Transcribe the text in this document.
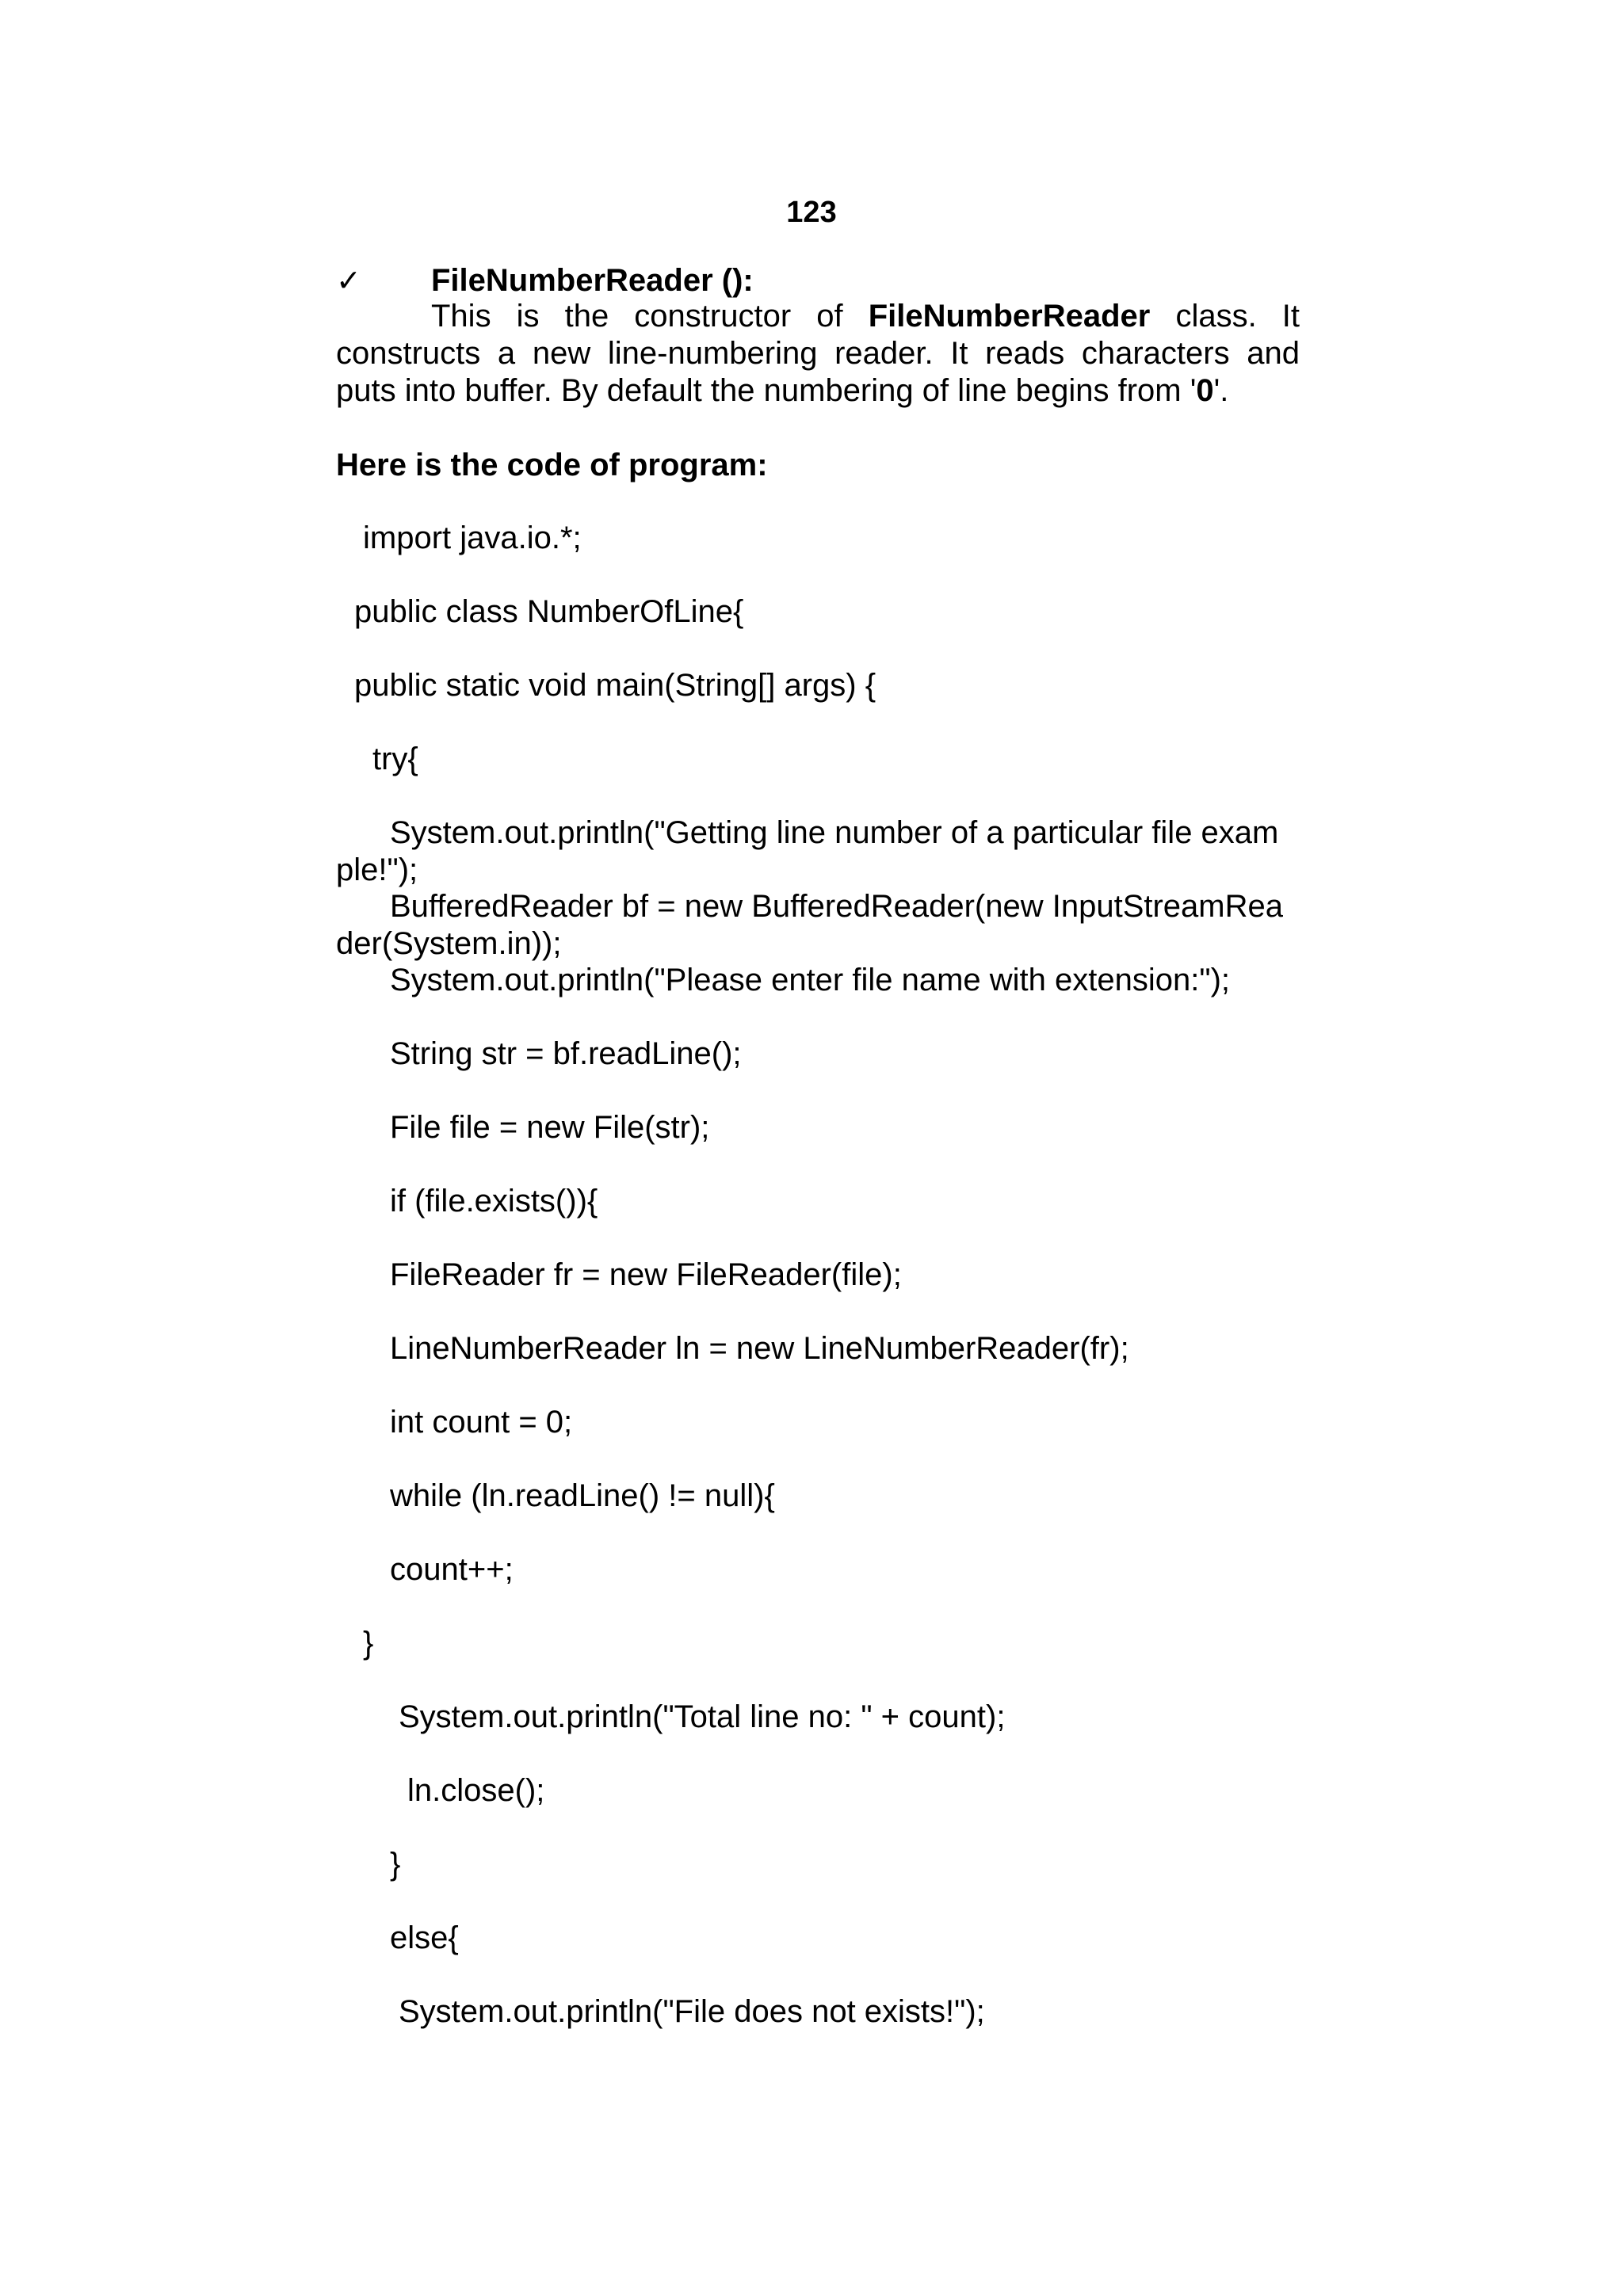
123
✓ FileNumberReader ():
This is the constructor of FileNumberReader class. It constructs a new line-numbering reader. It reads characters and puts into buffer. By default the numbering of line begins from '0'.
Here is the code of program:
import java.io.*;
public class NumberOfLine{
public static void main(String[] args) {
try{
System.out.println("Getting line number of a particular file exam
ple!");
BufferedReader bf = new BufferedReader(new InputStreamRea
der(System.in));
System.out.println("Please enter file name with extension:");
String str = bf.readLine();
File file = new File(str);
if (file.exists()){
FileReader fr = new FileReader(file);
LineNumberReader ln = new LineNumberReader(fr);
int count = 0;
while (ln.readLine() != null){
count++;
}
System.out.println("Total line no: " + count);
ln.close();
}
else{
System.out.println("File does not exists!");
